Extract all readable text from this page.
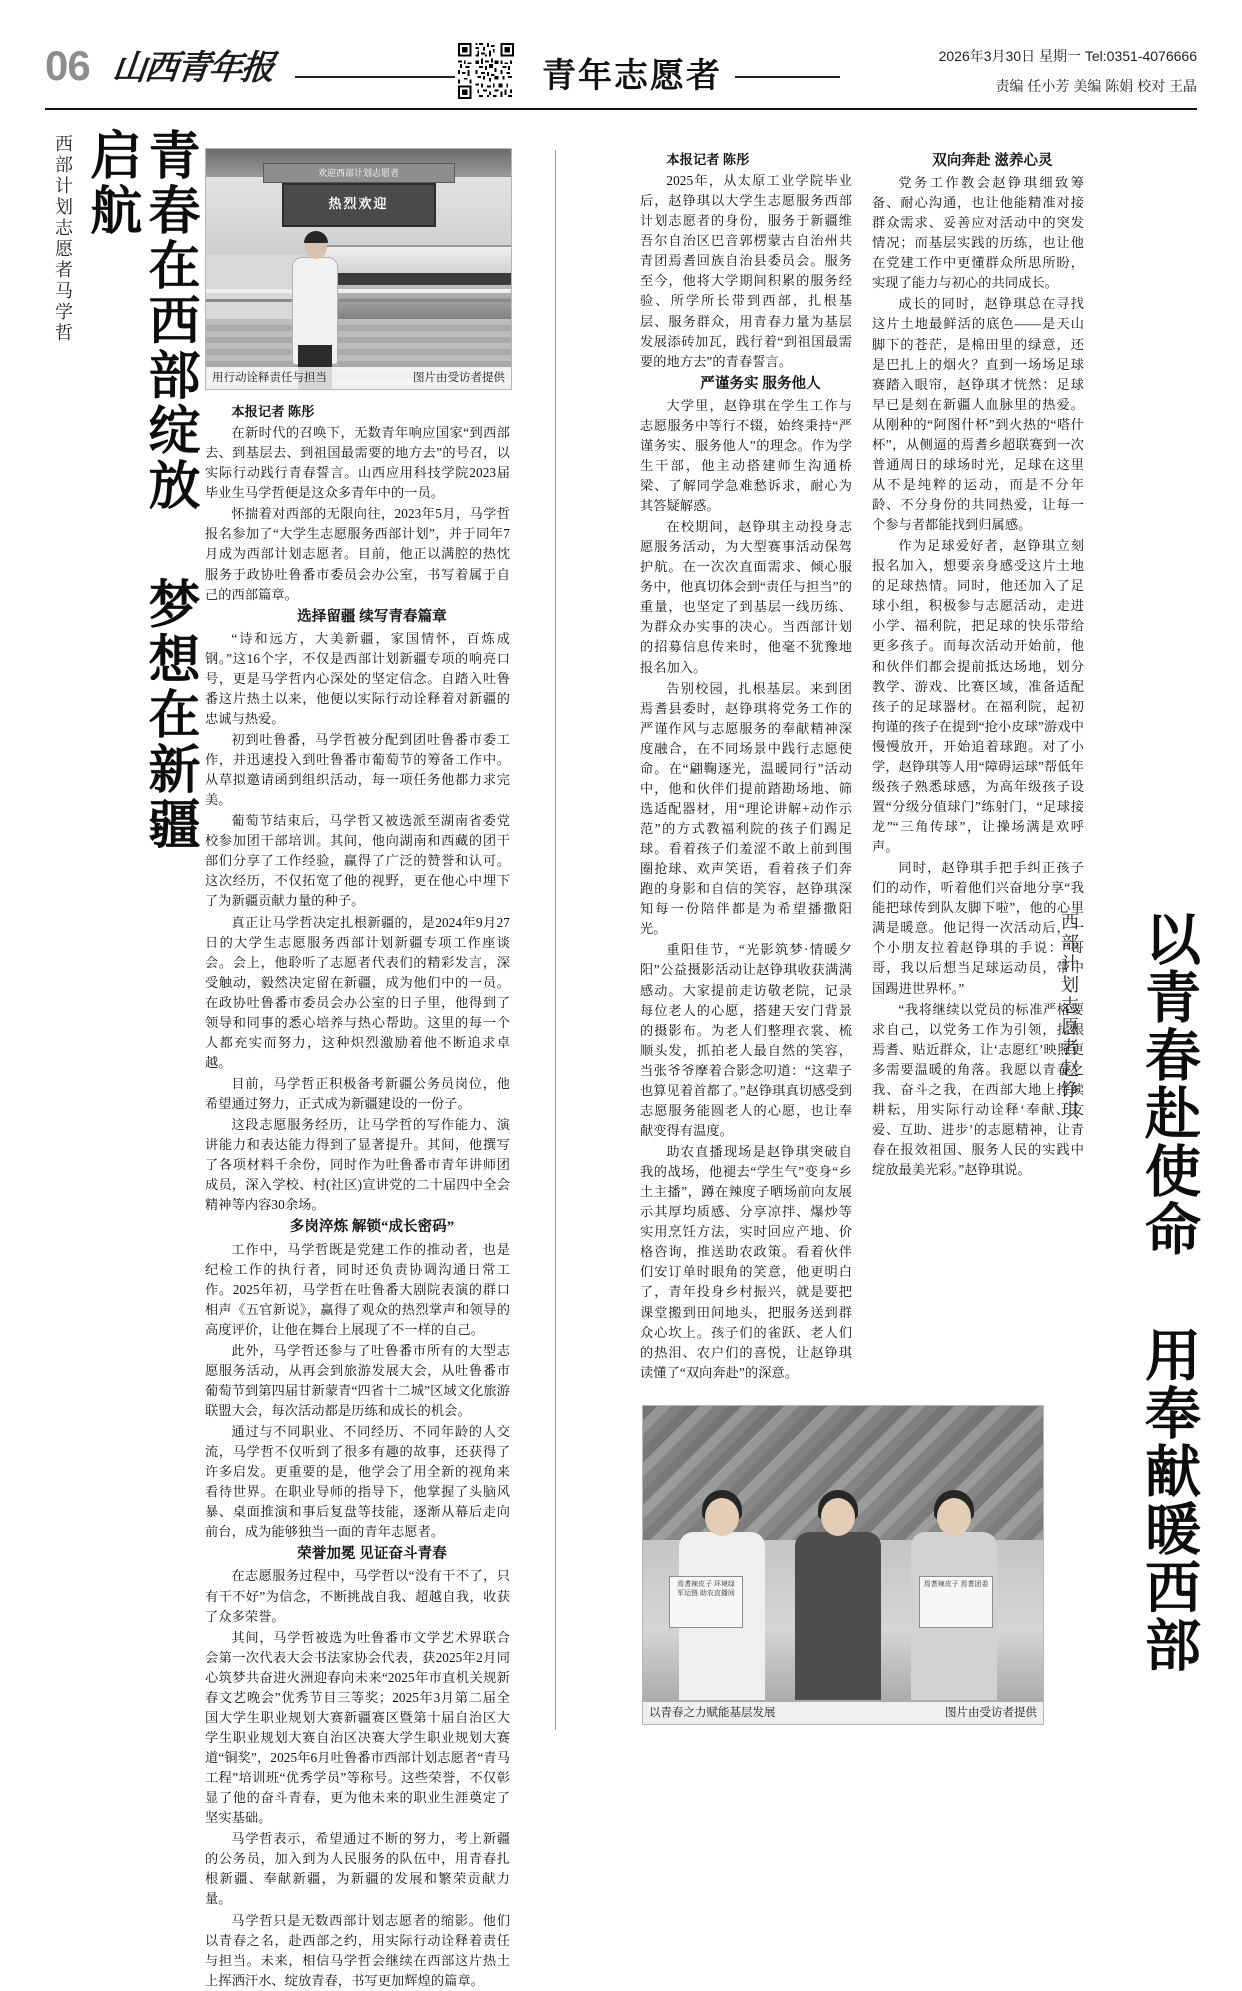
06 山西青年报	青年志愿者	2026年3月30日 星期一 Tel:0351-4076666
责编 任小芳 美编 陈娟 校对 王晶
西部计划志愿者马学哲	青春在西部绽放 梦想在新疆启航	欢迎西部计划志愿者
热烈欢迎
用行动诠释责任与担当	图片由受访者提供

本报记者 陈彤

在新时代的召唤下，无数青年响应国家“到西部去、到基层去、到祖国最需要的地方去”的号召，以实际行动践行青春誓言。山西应用科技学院2023届毕业生马学哲便是这众多青年中的一员。

怀揣着对西部的无限向往，2023年5月，马学哲报名参加了“大学生志愿服务西部计划”，并于同年7月成为西部计划志愿者。目前，他正以满腔的热忱服务于政协吐鲁番市委员会办公室，书写着属于自己的西部篇章。

选择留疆 续写青春篇章

“诗和远方，大美新疆，家国情怀，百炼成钢。”这16个字，不仅是西部计划新疆专项的响亮口号，更是马学哲内心深处的坚定信念。自踏入吐鲁番这片热土以来，他便以实际行动诠释着对新疆的忠诚与热爱。

初到吐鲁番，马学哲被分配到团吐鲁番市委工作，并迅速投入到吐鲁番市葡萄节的筹备工作中。从草拟邀请函到组织活动，每一项任务他都力求完美。

葡萄节结束后，马学哲又被选派至湖南省委党校参加团干部培训。其间，他向湖南和西藏的团干部们分享了工作经验，赢得了广泛的赞誉和认可。这次经历，不仅拓宽了他的视野，更在他心中埋下了为新疆贡献力量的种子。

真正让马学哲决定扎根新疆的，是2024年9月27日的大学生志愿服务西部计划新疆专项工作座谈会。会上，他聆听了志愿者代表们的精彩发言，深受触动，毅然决定留在新疆，成为他们中的一员。在政协吐鲁番市委员会办公室的日子里，他得到了领导和同事的悉心培养与热心帮助。这里的每一个人都充实而努力，这种炽烈激励着他不断追求卓越。

目前，马学哲正积极备考新疆公务员岗位，他希望通过努力，正式成为新疆建设的一份子。

这段志愿服务经历，让马学哲的写作能力、演讲能力和表达能力得到了显著提升。其间，他撰写了各项材料千余份，同时作为吐鲁番市青年讲师团成员，深入学校、村(社区)宣讲党的二十届四中全会精神等内容30余场。

多岗淬炼 解锁“成长密码”

工作中，马学哲既是党建工作的推动者，也是纪检工作的执行者，同时还负责协调沟通日常工作。2025年初，马学哲在吐鲁番大剧院表演的群口相声《五官新说》，赢得了观众的热烈掌声和领导的高度评价，让他在舞台上展现了不一样的自己。

此外，马学哲还参与了吐鲁番市所有的大型志愿服务活动，从再会到旅游发展大会，从吐鲁番市葡萄节到第四届甘新蒙青“四省十二城”区域文化旅游联盟大会，每次活动都是历练和成长的机会。

通过与不同职业、不同经历、不同年龄的人交流，马学哲不仅听到了很多有趣的故事，还获得了许多启发。更重要的是，他学会了用全新的视角来看待世界。在职业导师的指导下，他掌握了头脑风暴、桌面推演和事后复盘等技能，逐渐从幕后走向前台，成为能够独当一面的青年志愿者。

荣誉加冕 见证奋斗青春

在志愿服务过程中，马学哲以“没有干不了，只有干不好”为信念，不断挑战自我、超越自我，收获了众多荣誉。

其间，马学哲被选为吐鲁番市文学艺术界联合会第一次代表大会书法家协会代表，获2025年2月同心筑梦共奋进火洲迎春向未来“2025年市直机关规新春文艺晚会”优秀节目三等奖；2025年3月第二届全国大学生职业规划大赛新疆赛区暨第十届自治区大学生职业规划大赛自治区决赛大学生职业规划大赛道“铜奖”，2025年6月吐鲁番市西部计划志愿者“青马工程”培训班“优秀学员”等称号。这些荣誉，不仅彰显了他的奋斗青春，更为他未来的职业生涯奠定了坚实基础。

马学哲表示，希望通过不断的努力，考上新疆的公务员，加入到为人民服务的队伍中，用青春扎根新疆、奉献新疆，为新疆的发展和繁荣贡献力量。

马学哲只是无数西部计划志愿者的缩影。他们以青春之名，赴西部之约，用实际行动诠释着责任与担当。未来，相信马学哲会继续在西部这片热土上挥洒汗水、绽放青春，书写更加辉煌的篇章。

本报记者 陈彤

2025年，从太原工业学院毕业后，赵铮琪以大学生志愿服务西部计划志愿者的身份，服务于新疆维吾尔自治区巴音郭楞蒙古自治州共青团焉耆回族自治县委员会。服务至今，他将大学期间积累的服务经验、所学所长带到西部，扎根基层、服务群众，用青春力量为基层发展添砖加瓦，践行着“到祖国最需要的地方去”的青春誓言。

严谨务实 服务他人

大学里，赵铮琪在学生工作与志愿服务中等行不辍，始终秉持“严谨务实、服务他人”的理念。作为学生干部，他主动搭建师生沟通桥梁、了解同学急难愁诉求，耐心为其答疑解惑。

在校期间，赵铮琪主动投身志愿服务活动，为大型赛事活动保驾护航。在一次次直面需求、倾心服务中，他真切体会到“责任与担当”的重量，也坚定了到基层一线历练、为群众办实事的决心。当西部计划的招募信息传来时，他毫不犹豫地报名加入。

告别校园，扎根基层。来到团焉耆县委时，赵铮琪将党务工作的严谨作风与志愿服务的奉献精神深度融合，在不同场景中践行志愿使命。在“翩鞠逐光，温暖同行”活动中，他和伙伴们提前踏勘场地、筛选适配器材，用“理论讲解+动作示范”的方式教福利院的孩子们踢足球。看着孩子们羞涩不敢上前到围圈抢球、欢声笑语，看着孩子们奔跑的身影和自信的笑容，赵铮琪深知每一份陪伴都是为希望播撒阳光。

重阳佳节，“光影筑梦·情暖夕阳”公益摄影活动让赵铮琪收获满满感动。大家提前走访敬老院，记录每位老人的心愿，搭建天安门背景的摄影布。为老人们整理衣裳、梳顺头发，抓拍老人最自然的笑容，当张爷爷摩着合影念叨道：“这辈子也算见着首都了。”赵铮琪真切感受到志愿服务能圆老人的心愿，也让奉献变得有温度。

助农直播现场是赵铮琪突破自我的战场，他褪去“学生气”变身“乡土主播”，蹲在辣度子晒场前向友展示其厚均质感、分享凉拌、爆炒等实用烹饪方法，实时回应产地、价格咨询，推送助农政策。看着伙伴们安订单时眼角的笑意，他更明白了，青年投身乡村振兴，就是要把课堂搬到田间地头，把服务送到群众心坎上。孩子们的雀跃、老人们的热泪、农户们的喜悦，让赵铮琪读懂了“双向奔赴”的深意。

双向奔赴 滋养心灵

党务工作教会赵铮琪细致筹备、耐心沟通，也让他能精准对接群众需求、妥善应对活动中的突发情况；而基层实践的历练，也让他在党建工作中更懂群众所思所盼，实现了能力与初心的共同成长。

成长的同时，赵铮琪总在寻找这片土地最鲜活的底色——是天山脚下的苍茫，是棉田里的绿意，还是巴扎上的烟火？直到一场场足球赛踏入眼帘，赵铮琪才恍然：足球早已是刻在新疆人血脉里的热爱。从刚种的“阿图什杯”到火热的“嗒什杯”，从侧逼的焉耆乡超联赛到一次普通周日的球场时光，足球在这里从不是纯粹的运动，而是不分年龄、不分身份的共同热爱，让每一个参与者都能找到归属感。

作为足球爱好者，赵铮琪立刻报名加入，想要亲身感受这片土地的足球热情。同时，他还加入了足球小组，积极参与志愿活动，走进小学、福利院，把足球的快乐带给更多孩子。而每次活动开始前，他和伙伴们都会提前抵达场地，划分教学、游戏、比赛区域，准备适配孩子的足球器材。在福利院，起初拘谨的孩子在提到“抢小皮球”游戏中慢慢放开，开始追着球跑。对了小学，赵铮琪等人用“障碍运球”帮低年级孩子熟悉球感，为高年级孩子设置“分级分值球门”练射门，“足球接龙”“三角传球”，让操场满是欢呼声。

同时，赵铮琪手把手纠正孩子们的动作，听着他们兴奋地分享“我能把球传到队友脚下啦”，他的心里满是暖意。他记得一次活动后，一个小朋友拉着赵铮琪的手说：“哥哥，我以后想当足球运动员，带中国踢进世界杯。”

“我将继续以党员的标准严格要求自己，以党务工作为引领，扎根焉耆、贴近群众，让‘志愿红’映照更多需要温暖的角落。我愿以青春之我、奋斗之我，在西部大地上持续耕耘，用实际行动诠释‘奉献、友爱、互助、进步’的志愿精神，让青春在报效祖国、服务人民的实践中绽放最美光彩。”赵铮琪说。

西部计划志愿者赵铮琪 以青春赴使命 用奉献暖西部
焉耆辣皮子 环境绿 军运链 助农直播间
焉耆辣皮子 焉耆团委
以青春之力赋能基层发展	图片由受访者提供
